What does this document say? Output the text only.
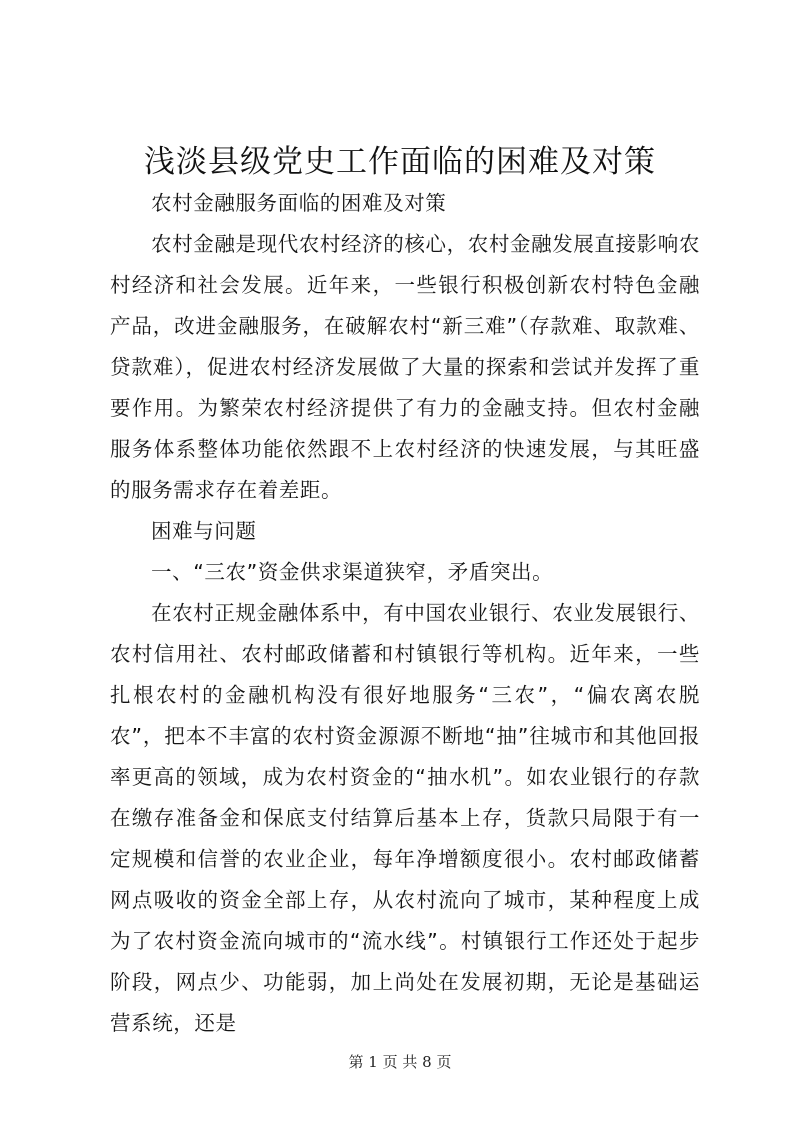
浅淡县级党史工作面临的困难及对策

农村金融服务面临的困难及对策

农村金融是现代农村经济的核心，农村金融发展直接影响农村经济和社会发展。近年来，一些银行积极创新农村特色金融产品，改进金融服务，在破解农村“新三难”（存款难、取款难、贷款难），促进农村经济发展做了大量的探索和尝试并发挥了重要作用。为繁荣农村经济提供了有力的金融支持。但农村金融服务体系整体功能依然跟不上农村经济的快速发展，与其旺盛的服务需求存在着差距。

困难与问题

一、“三农”资金供求渠道狭窄，矛盾突出。

在农村正规金融体系中，有中国农业银行、农业发展银行、农村信用社、农村邮政储蓄和村镇银行等机构。近年来，一些扎根农村的金融机构没有很好地服务“三农”，“偏农离农脱农”，把本不丰富的农村资金源源不断地“抽”往城市和其他回报率更高的领域，成为农村资金的“抽水机”。如农业银行的存款在缴存准备金和保底支付结算后基本上存，货款只局限于有一定规模和信誉的农业企业，每年净增额度很小。农村邮政储蓄网点吸收的资金全部上存，从农村流向了城市，某种程度上成为了农村资金流向城市的“流水线”。村镇银行工作还处于起步阶段，网点少、功能弱，加上尚处在发展初期，无论是基础运营系统，还是

第 1 页 共 8 页
